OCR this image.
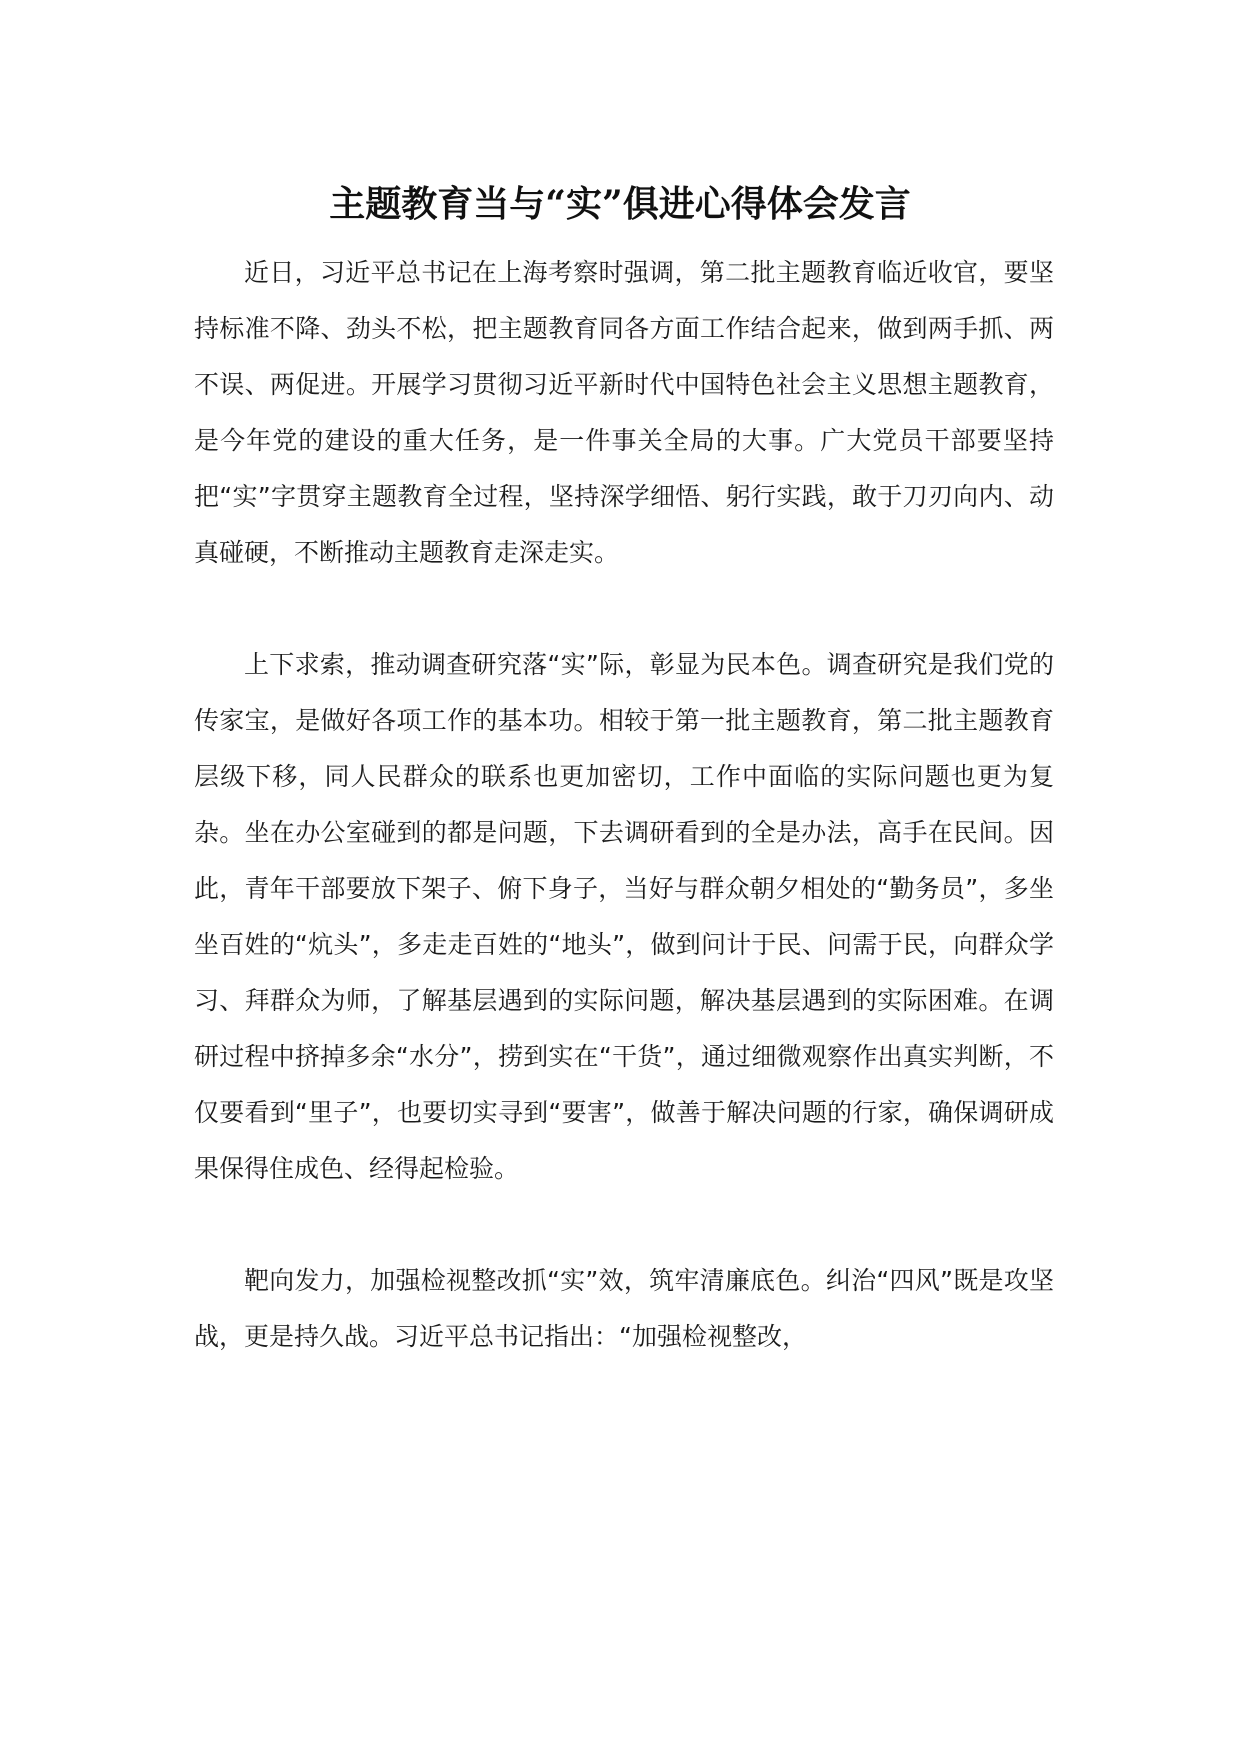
主题教育当与“实”俱进心得体会发言

近日，习近平总书记在上海考察时强调，第二批主题教育临近收官，要坚持标准不降、劲头不松，把主题教育同各方面工作结合起来，做到两手抓、两不误、两促进。开展学习贯彻习近平新时代中国特色社会主义思想主题教育，是今年党的建设的重大任务，是一件事关全局的大事。广大党员干部要坚持把“实”字贯穿主题教育全过程，坚持深学细悟、躬行实践，敢于刀刃向内、动真碰硬，不断推动主题教育走深走实。

上下求索，推动调查研究落“实”际，彰显为民本色。调查研究是我们党的传家宝，是做好各项工作的基本功。相较于第一批主题教育，第二批主题教育层级下移，同人民群众的联系也更加密切，工作中面临的实际问题也更为复杂。坐在办公室碰到的都是问题，下去调研看到的全是办法，高手在民间。因此，青年干部要放下架子、俯下身子，当好与群众朝夕相处的“勤务员”，多坐坐百姓的“炕头”，多走走百姓的“地头”，做到问计于民、问需于民，向群众学习、拜群众为师，了解基层遇到的实际问题，解决基层遇到的实际困难。在调研过程中挤掉多余“水分”，捞到实在“干货”，通过细微观察作出真实判断，不仅要看到“里子”，也要切实寻到“要害”，做善于解决问题的行家，确保调研成果保得住成色、经得起检验。

靶向发力，加强检视整改抓“实”效，筑牢清廉底色。纠治“四风”既是攻坚战，更是持久战。习近平总书记指出：“加强检视整改，
